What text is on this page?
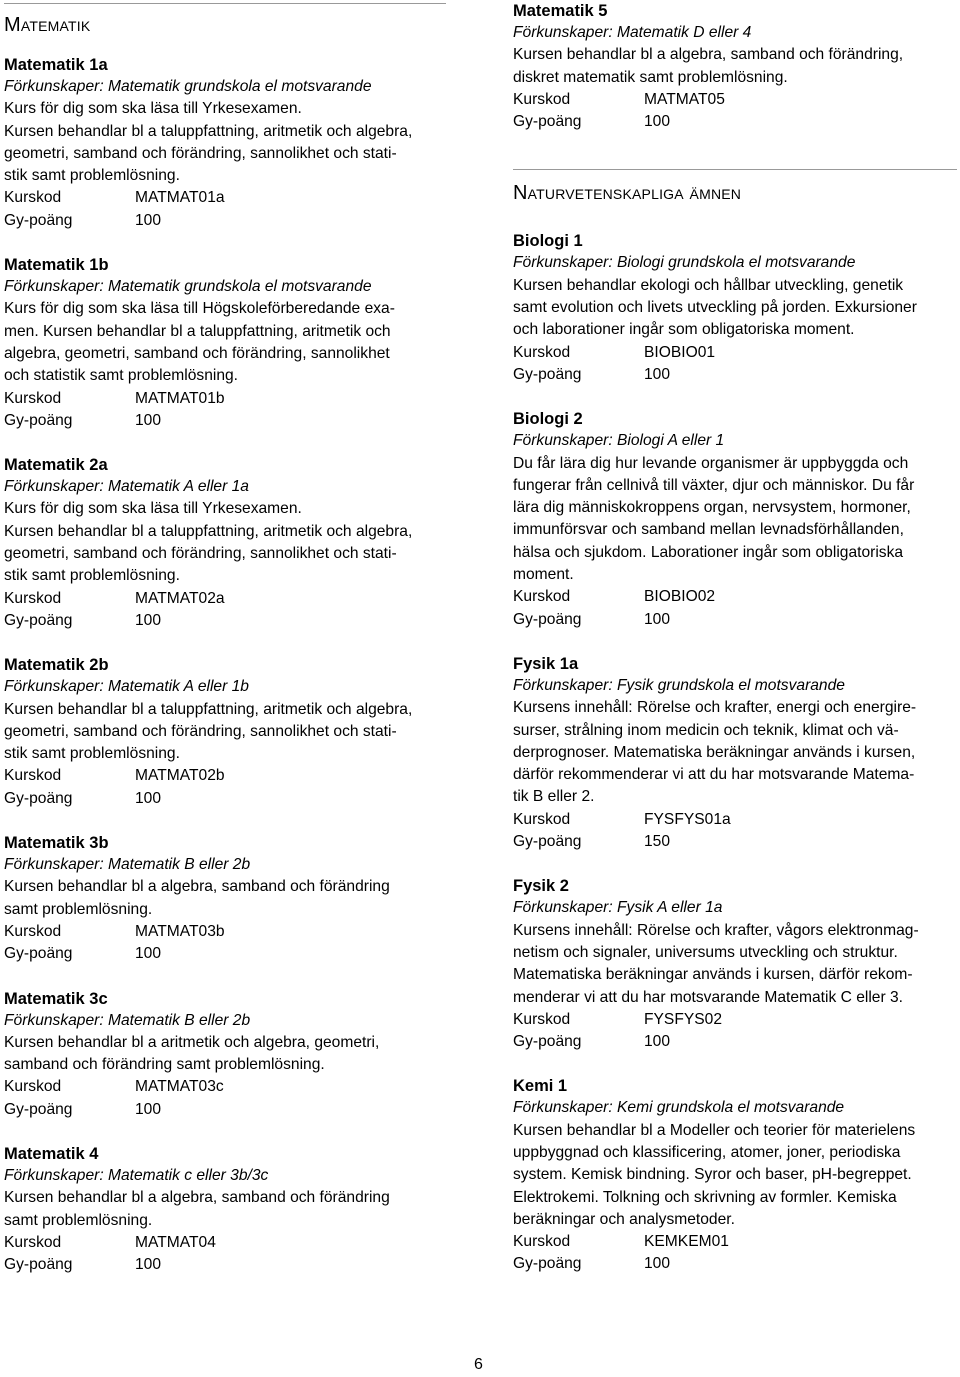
Matematik
Matematik 1a
Förkunskaper: Matematik grundskola el motsvarande
Kurs för dig som ska läsa till Yrkesexamen.
Kursen behandlar bl a taluppfattning, aritmetik och algebra,
geometri, samband och förändring, sannolikhet och stati-
stik samt problemlösning.
Kurskod	MATMAT01a
Gy-poäng	100
Matematik 1b
Förkunskaper: Matematik grundskola el motsvarande
Kurs för dig som ska läsa till Högskoleförberedande exa-
men. Kursen behandlar bl a taluppfattning, aritmetik och
algebra, geometri, samband och förändring, sannolikhet
och statistik samt problemlösning.
Kurskod	MATMAT01b
Gy-poäng	100
Matematik 2a
Förkunskaper: Matematik A eller 1a
Kurs för dig som ska läsa till Yrkesexamen.
Kursen behandlar bl a taluppfattning, aritmetik och algebra,
geometri, samband och förändring, sannolikhet och stati-
stik samt problemlösning.
Kurskod	MATMAT02a
Gy-poäng	100
Matematik 2b
Förkunskaper: Matematik A eller 1b
Kursen behandlar bl a taluppfattning, aritmetik och algebra,
geometri, samband och förändring, sannolikhet och stati-
stik samt problemlösning.
Kurskod	MATMAT02b
Gy-poäng	100
Matematik 3b
Förkunskaper: Matematik B eller 2b
Kursen behandlar bl a algebra, samband och förändring
samt problemlösning.
Kurskod	MATMAT03b
Gy-poäng	100
Matematik 3c
Förkunskaper: Matematik B eller 2b
Kursen behandlar bl a aritmetik och algebra, geometri,
samband och förändring samt problemlösning.
Kurskod	MATMAT03c
Gy-poäng	100
Matematik 4
Förkunskaper: Matematik c eller 3b/3c
Kursen behandlar bl a algebra, samband och förändring
samt problemlösning.
Kurskod	MATMAT04
Gy-poäng	100
Matematik 5
Förkunskaper: Matematik D eller 4
Kursen behandlar bl a algebra, samband och förändring,
diskret matematik samt problemlösning.
Kurskod	MATMAT05
Gy-poäng	100
Naturvetenskapliga ämnen
Biologi 1
Förkunskaper: Biologi grundskola el motsvarande
Kursen behandlar ekologi och hållbar utveckling, genetik
samt evolution och livets utveckling på jorden. Exkursioner
och laborationer ingår som obligatoriska moment.
Kurskod	BIOBIO01
Gy-poäng	100
Biologi 2
Förkunskaper: Biologi A eller 1
Du får lära dig hur levande organismer är uppbyggda och
fungerar från cellnivå till växter, djur och människor. Du får
lära dig människokroppens organ, nervsystem, hormoner,
immunförsvar och samband mellan levnadsförhållanden,
hälsa och sjukdom. Laborationer ingår som obligatoriska
moment.
Kurskod	BIOBIO02
Gy-poäng	100
Fysik 1a
Förkunskaper: Fysik grundskola el motsvarande
Kursens innehåll: Rörelse och krafter, energi och energire-
surser, strålning inom medicin och teknik, klimat och vä-
derprognoser. Matematiska beräkningar används i kursen,
därför rekommenderar vi att du har motsvarande Matema-
tik B eller 2.
Kurskod	FYSFYS01a
Gy-poäng	150
Fysik 2
Förkunskaper: Fysik A eller 1a
Kursens innehåll: Rörelse och krafter, vågors elektronmag-
netism och signaler, universums utveckling och struktur.
Matematiska beräkningar används i kursen, därför rekom-
menderar vi att du har motsvarande Matematik C eller 3.
Kurskod	FYSFYS02
Gy-poäng	100
Kemi 1
Förkunskaper: Kemi grundskola el motsvarande
Kursen behandlar bl a Modeller och teorier för materielens
uppbyggnad och klassificering, atomer, joner, periodiska
system. Kemisk bindning. Syror och baser, pH-begreppet.
Elektrokemi. Tolkning och skrivning av formler. Kemiska
beräkningar och analysmetoder.
Kurskod	KEMKEM01
Gy-poäng	100
6
